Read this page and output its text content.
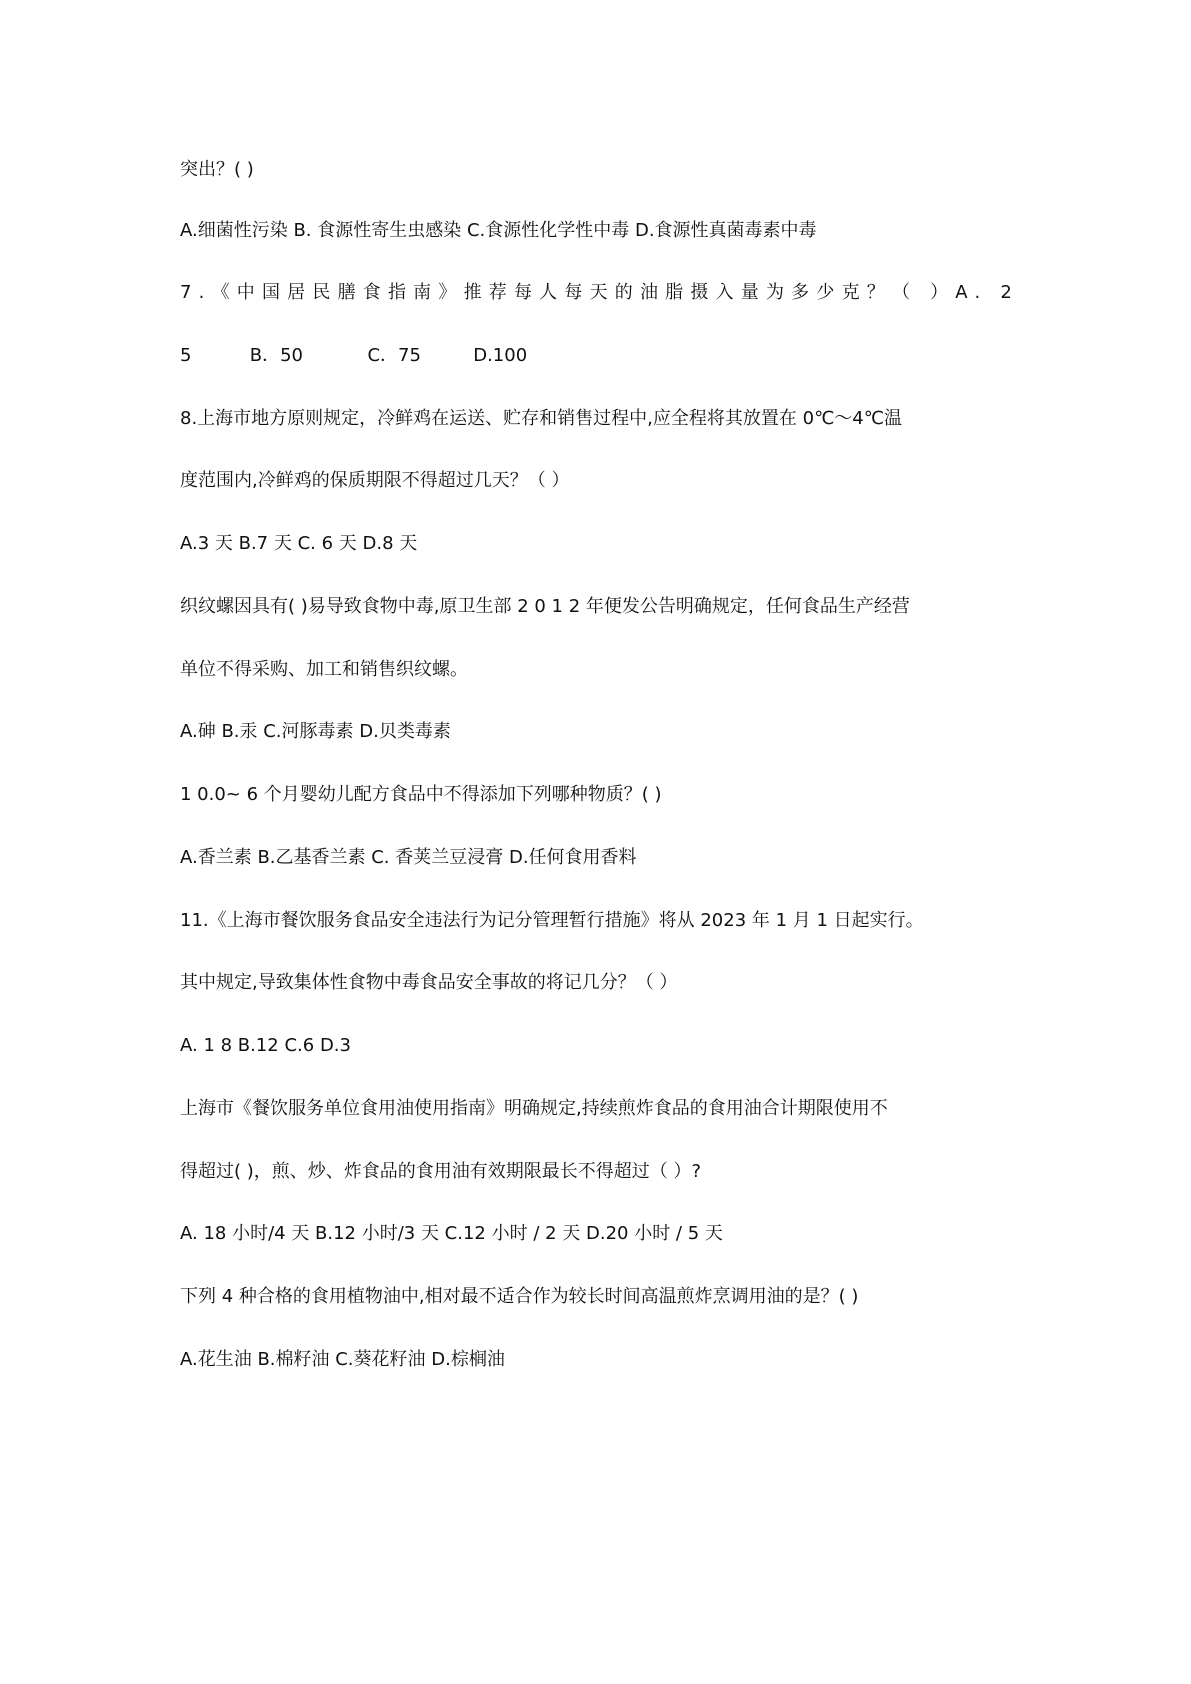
突出？( )
A.细菌性污染 B. 食源性寄生虫感染 C.食源性化学性中毒 D.食源性真菌毒素中毒
7.《中国居民膳食指南》推荐每人每天的油脂摄入量为多少克？（ ）A. 2
5	B．50	C．75	D.100
8.上海市地方原则规定，冷鲜鸡在运送、贮存和销售过程中,应全程将其放置在 0℃～4℃温
度范围内,冷鲜鸡的保质期限不得超过几天？（ ）
A.3 天 B.7 天 C. 6 天 D.8 天
织纹螺因具有( )易导致食物中毒,原卫生部 2 0 1 2 年便发公告明确规定，任何食品生产经营
单位不得采购、加工和销售织纹螺。
A.砷 B.汞 C.河豚毒素 D.贝类毒素
1 0.0~ 6 个月婴幼儿配方食品中不得添加下列哪种物质？( )
A.香兰素 B.乙基香兰素 C. 香荚兰豆浸膏 D.任何食用香料
11.《上海市餐饮服务食品安全违法行为记分管理暂行措施》将从 2023 年 1 月 1 日起实行。
其中规定,导致集体性食物中毒食品安全事故的将记几分？（ ）
A. 1 8 B.12 C.6 D.3
上海市《餐饮服务单位食用油使用指南》明确规定,持续煎炸食品的食用油合计期限使用不
得超过( )，煎、炒、炸食品的食用油有效期限最长不得超过（ ）?
A. 18 小时/4 天 B.12 小时/3 天 C.12 小时 / 2 天 D.20 小时 / 5 天
下列 4 种合格的食用植物油中,相对最不适合作为较长时间高温煎炸烹调用油的是？( )
A.花生油 B.棉籽油 C.葵花籽油 D.棕榈油
